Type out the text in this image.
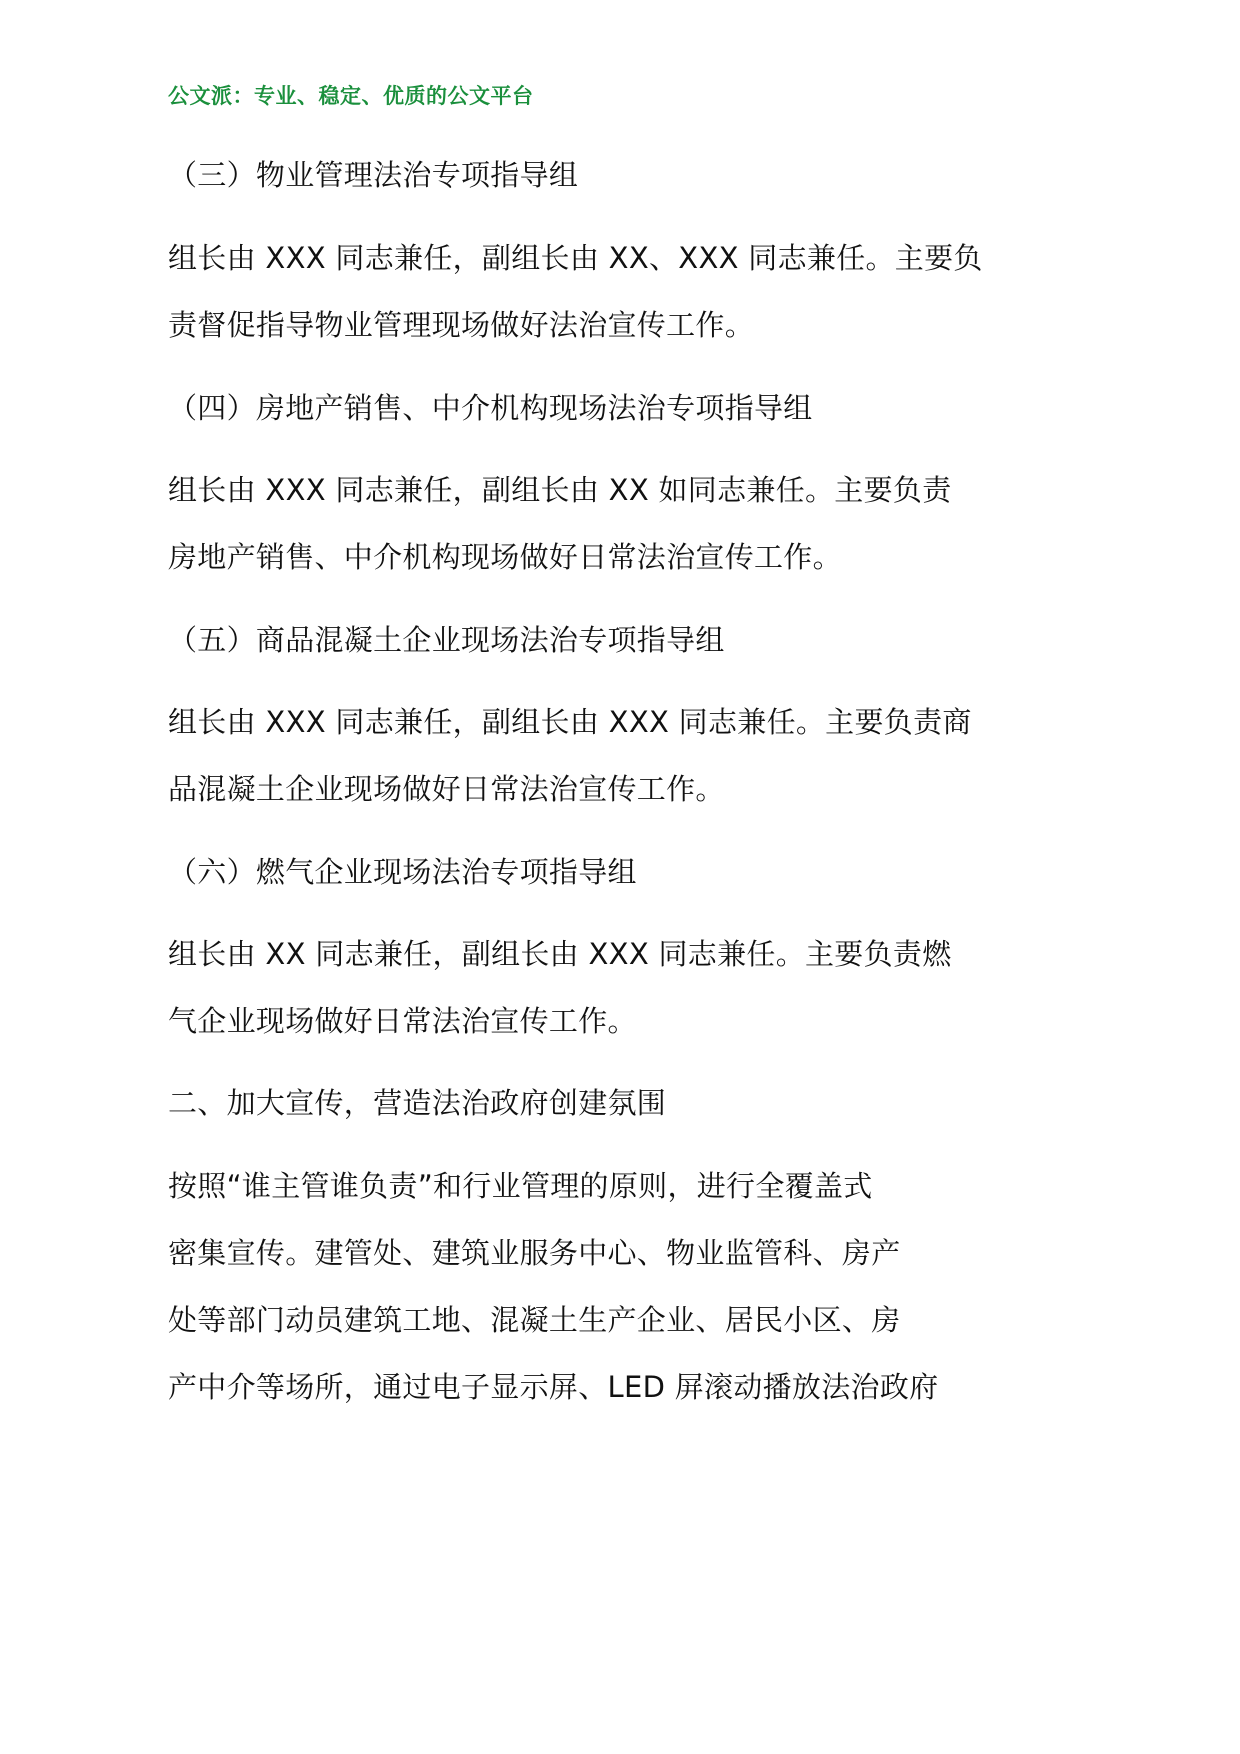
公文派：专业、稳定、优质的公文平台
（三）物业管理法治专项指导组
组长由 XXX 同志兼任，副组长由 XX、XXX 同志兼任。主要负
责督促指导物业管理现场做好法治宣传工作。
（四）房地产销售、中介机构现场法治专项指导组
组长由 XXX 同志兼任，副组长由 XX 如同志兼任。主要负责
房地产销售、中介机构现场做好日常法治宣传工作。
（五）商品混凝土企业现场法治专项指导组
组长由 XXX 同志兼任，副组长由 XXX 同志兼任。主要负责商
品混凝土企业现场做好日常法治宣传工作。
（六）燃气企业现场法治专项指导组
组长由 XX 同志兼任，副组长由 XXX 同志兼任。主要负责燃
气企业现场做好日常法治宣传工作。
二、加大宣传，营造法治政府创建氛围
按照“谁主管谁负责”和行业管理的原则，进行全覆盖式
密集宣传。建管处、建筑业服务中心、物业监管科、房产
处等部门动员建筑工地、混凝土生产企业、居民小区、房
产中介等场所，通过电子显示屏、LED 屏滚动播放法治政府
